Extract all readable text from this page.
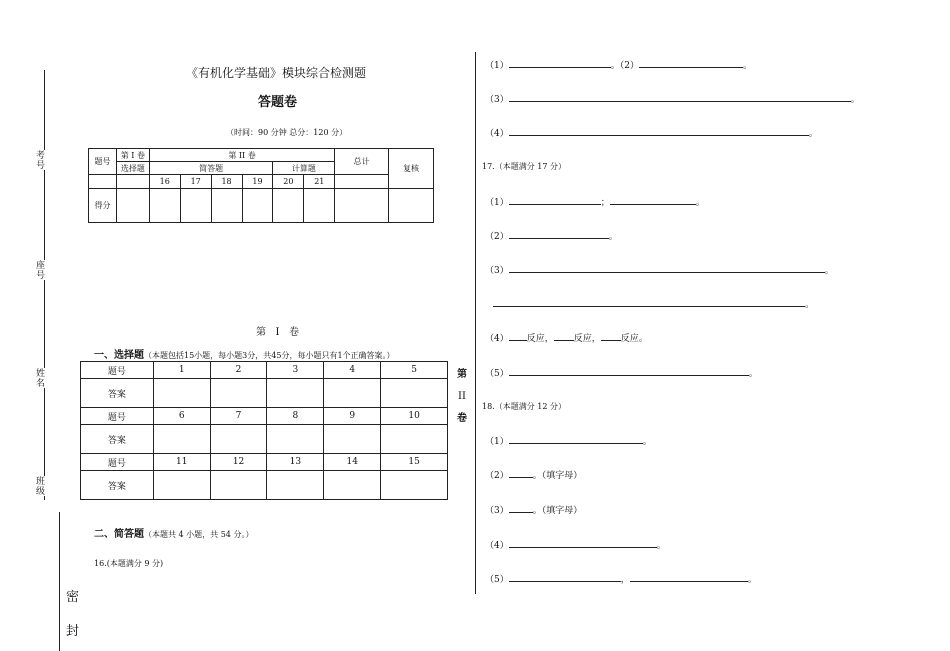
考号
座号
姓名
班级
密
封
《有机化学基础》模块综合检测题
答题卷
（时间：90 分钟 总分：120 分）
题号	第 I 卷	第 II 卷						总计	复核
	选择题	简答题				计算题			
		16	17	18	19	20	21		
得分									
第   Ⅰ   卷
一、选择题（本题包括15小题，每小题3分，共45分，每小题只有1个正确答案。）
题号	1	2	3	4	5
答案					
题号	6	7	8	9	10
答案					
题号	11	12	13	14	15
答案					
第
II
卷
二、简答题（本题共 4 小题，共 54 分。）
16.(本题满分 9 分)
（1）	。（2）	。
（3）	。
（4）	。
17.（本题满分 17 分）
（1）	；	。
（2）	。
（3）	。
。
（4） 反应， 反应， 反应。
（5）	。
18.（本题满分 12 分）
（1）	。
（2）	。（填字母）
（3）	。（填字母）
（4）	。
（5）	，	。
